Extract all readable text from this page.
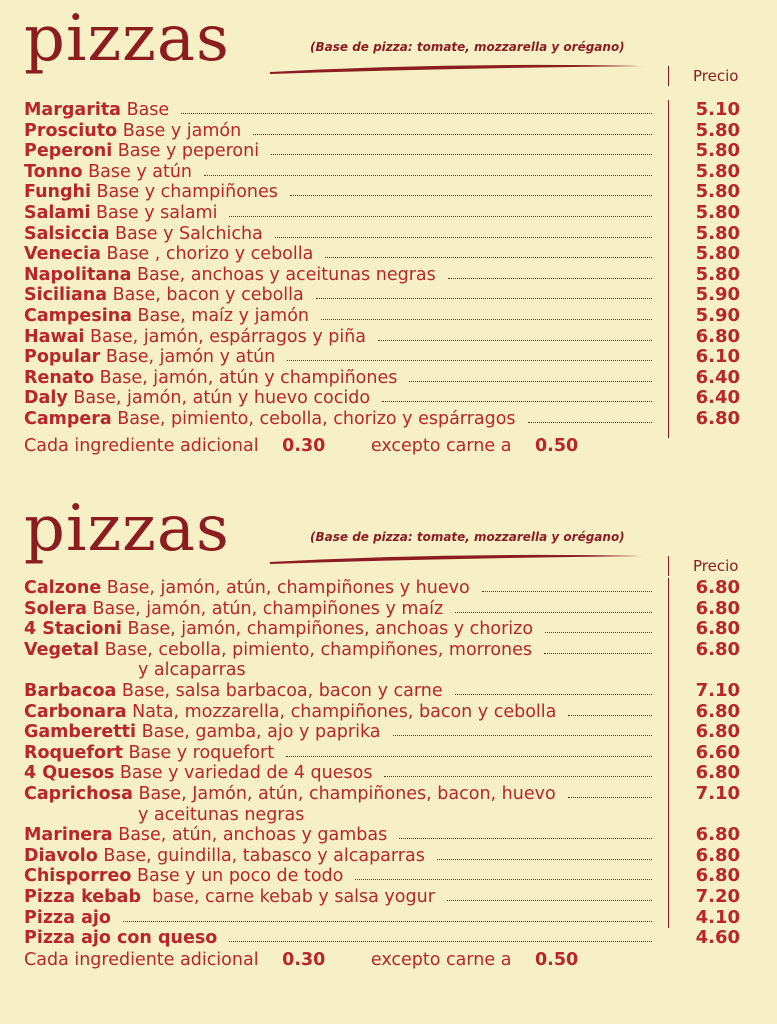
pizzas	(Base de pizza: tomate, mozzarella y orégano)
Precio
Margarita Base	5.10
Prosciuto Base y jamón	5.80
Peperoni Base y peperoni	5.80
Tonno Base y atún	5.80
Funghi Base y champiñones	5.80
Salami Base y salami	5.80
Salsiccia Base y Salchicha	5.80
Venecia Base , chorizo y cebolla	5.80
Napolitana Base, anchoas y aceitunas negras	5.80
Siciliana Base, bacon y cebolla	5.90
Campesina Base, maíz y jamón	5.90
Hawai Base, jamón, espárragos y piña	6.80
Popular Base, jamón y atún	6.10
Renato Base, jamón, atún y champiñones	6.40
Daly Base, jamón, atún y huevo cocido	6.40
Campera Base, pimiento, cebolla, chorizo y espárragos	6.80
Cada ingrediente adicional 0.30	excepto carne a 0.50
pizzas	(Base de pizza: tomate, mozzarella y orégano)
Precio
Calzone Base, jamón, atún, champiñones y huevo	6.80
Solera Base, jamón, atún, champiñones y maíz	6.80
4 Stacioni Base, jamón, champiñones, anchoas y chorizo	6.80
Vegetal Base, cebolla, pimiento, champiñones, morrones	6.80
y alcaparras
Barbacoa Base, salsa barbacoa, bacon y carne	7.10
Carbonara Nata, mozzarella, champiñones, bacon y cebolla	6.80
Gamberetti Base, gamba, ajo y paprika	6.80
Roquefort Base y roquefort	6.60
4 Quesos Base y variedad de 4 quesos	6.80
Caprichosa Base, Jamón, atún, champiñones, bacon, huevo	7.10
y aceitunas negras
Marinera Base, atún, anchoas y gambas	6.80
Diavolo Base, guindilla, tabasco y alcaparras	6.80
Chisporreo Base y un poco de todo	6.80
Pizza kebab  base, carne kebab y salsa yogur	7.20
Pizza ajo	4.10
Pizza ajo con queso	4.60
Cada ingrediente adicional 0.30	excepto carne a 0.50
